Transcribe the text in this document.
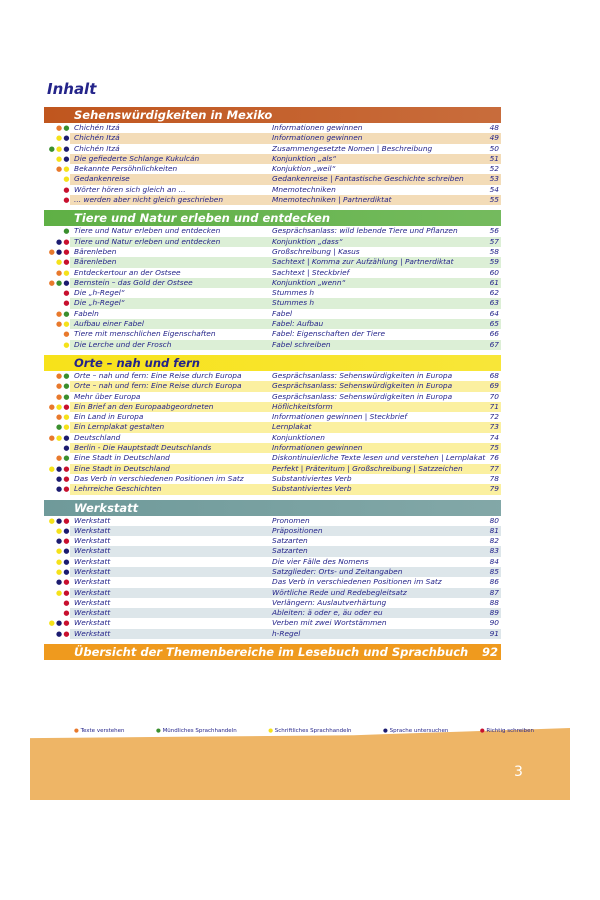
Inhalt
Sehenswürdigkeiten in Mexiko
● ● Chichén Itzá	Informationen gewinnen	48
● ● Chichén Itzá	Informationen gewinnen	49
● ● ● Chichén Itzá	Zusammengesetzte Nomen | Beschreibung	50
● ● Die gefiederte Schlange Kukulcán	Konjunktion „als“	51
● ● Bekannte Persöhnlichkeiten	Konjuktion „weil“	52
● Gedankenreise	Gedankenreise | Fantastische Geschichte schreiben	53
● Wörter hören sich gleich an ...	Mnemotechniken	54
● ... werden aber nicht gleich geschrieben	Mnemotechniken | Partnerdiktat	55
Tiere und Natur erleben und entdecken
● Tiere und Natur erleben und entdecken	Gesprächsanlass: wild lebende Tiere und Pflanzen	56
● ● Tiere und Natur erleben und entdecken	Konjunktion „dass“	57
● ● ● Bärenleben	Großschreibung | Kasus	58
● ● Bärenleben	Sachtext | Komma zur Aufzählung | Partnerdiktat	59
● ● Entdeckertour an der Ostsee	Sachtext | Steckbrief	60
● ● ● Bernstein – das Gold der Ostsee	Konjunktion „wenn“	61
● Die „h-Regel“	Stummes h	62
● Die „h-Regel“	Stummes h	63
● ● Fabeln	Fabel	64
● ● Aufbau einer Fabel	Fabel: Aufbau	65
● Tiere mit menschlichen Eigenschaften	Fabel: Eigenschaften der Tiere	66
● Die Lerche und der Frosch	Fabel schreiben	67
Orte – nah und fern
● ● Orte – nah und fern: Eine Reise durch Europa	Gesprächsanlass: Sehenswürdigkeiten in Europa	68
● ● Orte – nah und fern: Eine Reise durch Europa	Gesprächsanlass: Sehenswürdigkeiten in Europa	69
● ● Mehr über Europa	Gesprächsanlass: Sehenswürdigkeiten in Europa	70
● ● ● Ein Brief an den Europaabgeordneten	Höflichkeitsform	71
● ● Ein Land in Europa	Informationen gewinnen | Steckbrief	72
● ● Ein Lernplakat gestalten	Lernplakat	73
● ● ● Deutschland	Konjunktionen	74
● Berlin - Die Hauptstadt Deutschlands	Informationen gewinnen	75
● ● Eine Stadt in Deutschland	Diskontinuierliche Texte lesen und verstehen | Lernplakat 76
● ● ● Eine Stadt in Deutschland	Perfekt | Präteritum | Großschreibung | Satzzeichen	77
● ● Das Verb in verschiedenen Positionen im Satz	Substantiviertes Verb	78
● ● Lehrreiche Geschichten	Substantiviertes Verb	79
Werkstatt
● ● ● Werkstatt	Pronomen	80
● ● Werkstatt	Präpositionen	81
● ● Werkstatt	Satzarten	82
● ● Werkstatt	Satzarten	83
● ● Werkstatt	Die vier Fälle des Nomens	84
● ● Werkstatt	Satzglieder: Orts- und Zeitangaben	85
● ● Werkstatt	Das Verb in verschiedenen Positionen im Satz	86
● ● Werkstatt	Wörtliche Rede und Redebegleitsatz	87
● Werkstatt	Verlängern: Auslautverhärtung	88
● Werkstatt	Ableiten: ä oder e, äu oder eu	89
● ● ● Werkstatt	Verben mit zwei Wortstämmen	90
● ● Werkstatt	h-Regel	91
Übersicht der Themenbereiche im Lesebuch und Sprachbuch 92
● Texte verstehen	● Mündliches Sprachhandeln	● Schriftliches Sprachhandeln	● Sprache untersuchen	● Richtig schreiben
3
